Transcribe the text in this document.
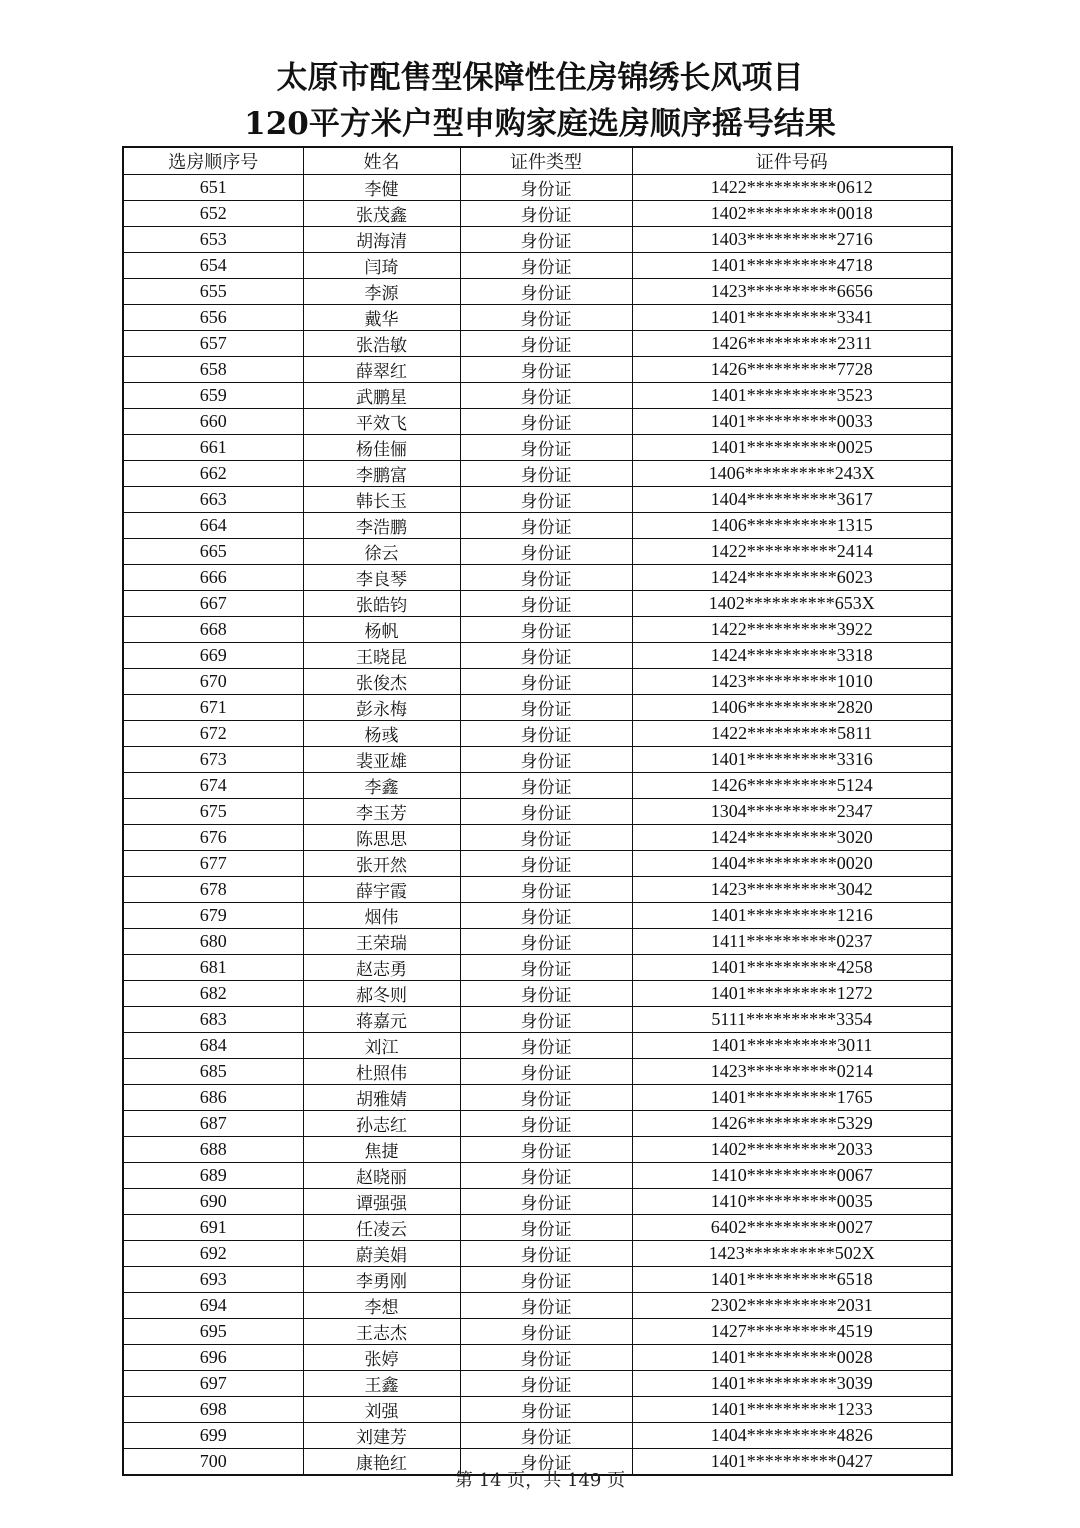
太原市配售型保障性住房锦绣长风项目
120平方米户型申购家庭选房顺序摇号结果
选房顺序号	姓名	证件类型	证件号码
651	李健	身份证	1422**********0612
652	张茂鑫	身份证	1402**********0018
653	胡海清	身份证	1403**********2716
654	闫琦	身份证	1401**********4718
655	李源	身份证	1423**********6656
656	戴华	身份证	1401**********3341
657	张浩敏	身份证	1426**********2311
658	薛翠红	身份证	1426**********7728
659	武鹏星	身份证	1401**********3523
660	平效飞	身份证	1401**********0033
661	杨佳俪	身份证	1401**********0025
662	李鹏富	身份证	1406**********243X
663	韩长玉	身份证	1404**********3617
664	李浩鹏	身份证	1406**********1315
665	徐云	身份证	1422**********2414
666	李良琴	身份证	1424**********6023
667	张皓钧	身份证	1402**********653X
668	杨帆	身份证	1422**********3922
669	王晓昆	身份证	1424**********3318
670	张俊杰	身份证	1423**********1010
671	彭永梅	身份证	1406**********2820
672	杨彧	身份证	1422**********5811
673	裴亚雄	身份证	1401**********3316
674	李鑫	身份证	1426**********5124
675	李玉芳	身份证	1304**********2347
676	陈思思	身份证	1424**********3020
677	张开然	身份证	1404**********0020
678	薛宇霞	身份证	1423**********3042
679	烟伟	身份证	1401**********1216
680	王荣瑞	身份证	1411**********0237
681	赵志勇	身份证	1401**********4258
682	郝冬则	身份证	1401**********1272
683	蒋嘉元	身份证	5111**********3354
684	刘江	身份证	1401**********3011
685	杜照伟	身份证	1423**********0214
686	胡雅婧	身份证	1401**********1765
687	孙志红	身份证	1426**********5329
688	焦捷	身份证	1402**********2033
689	赵晓丽	身份证	1410**********0067
690	谭强强	身份证	1410**********0035
691	任凌云	身份证	6402**********0027
692	蔚美娟	身份证	1423**********502X
693	李勇刚	身份证	1401**********6518
694	李想	身份证	2302**********2031
695	王志杰	身份证	1427**********4519
696	张婷	身份证	1401**********0028
697	王鑫	身份证	1401**********3039
698	刘强	身份证	1401**********1233
699	刘建芳	身份证	1404**********4826
700	康艳红	身份证	1401**********0427
第 14 页，共 149 页
